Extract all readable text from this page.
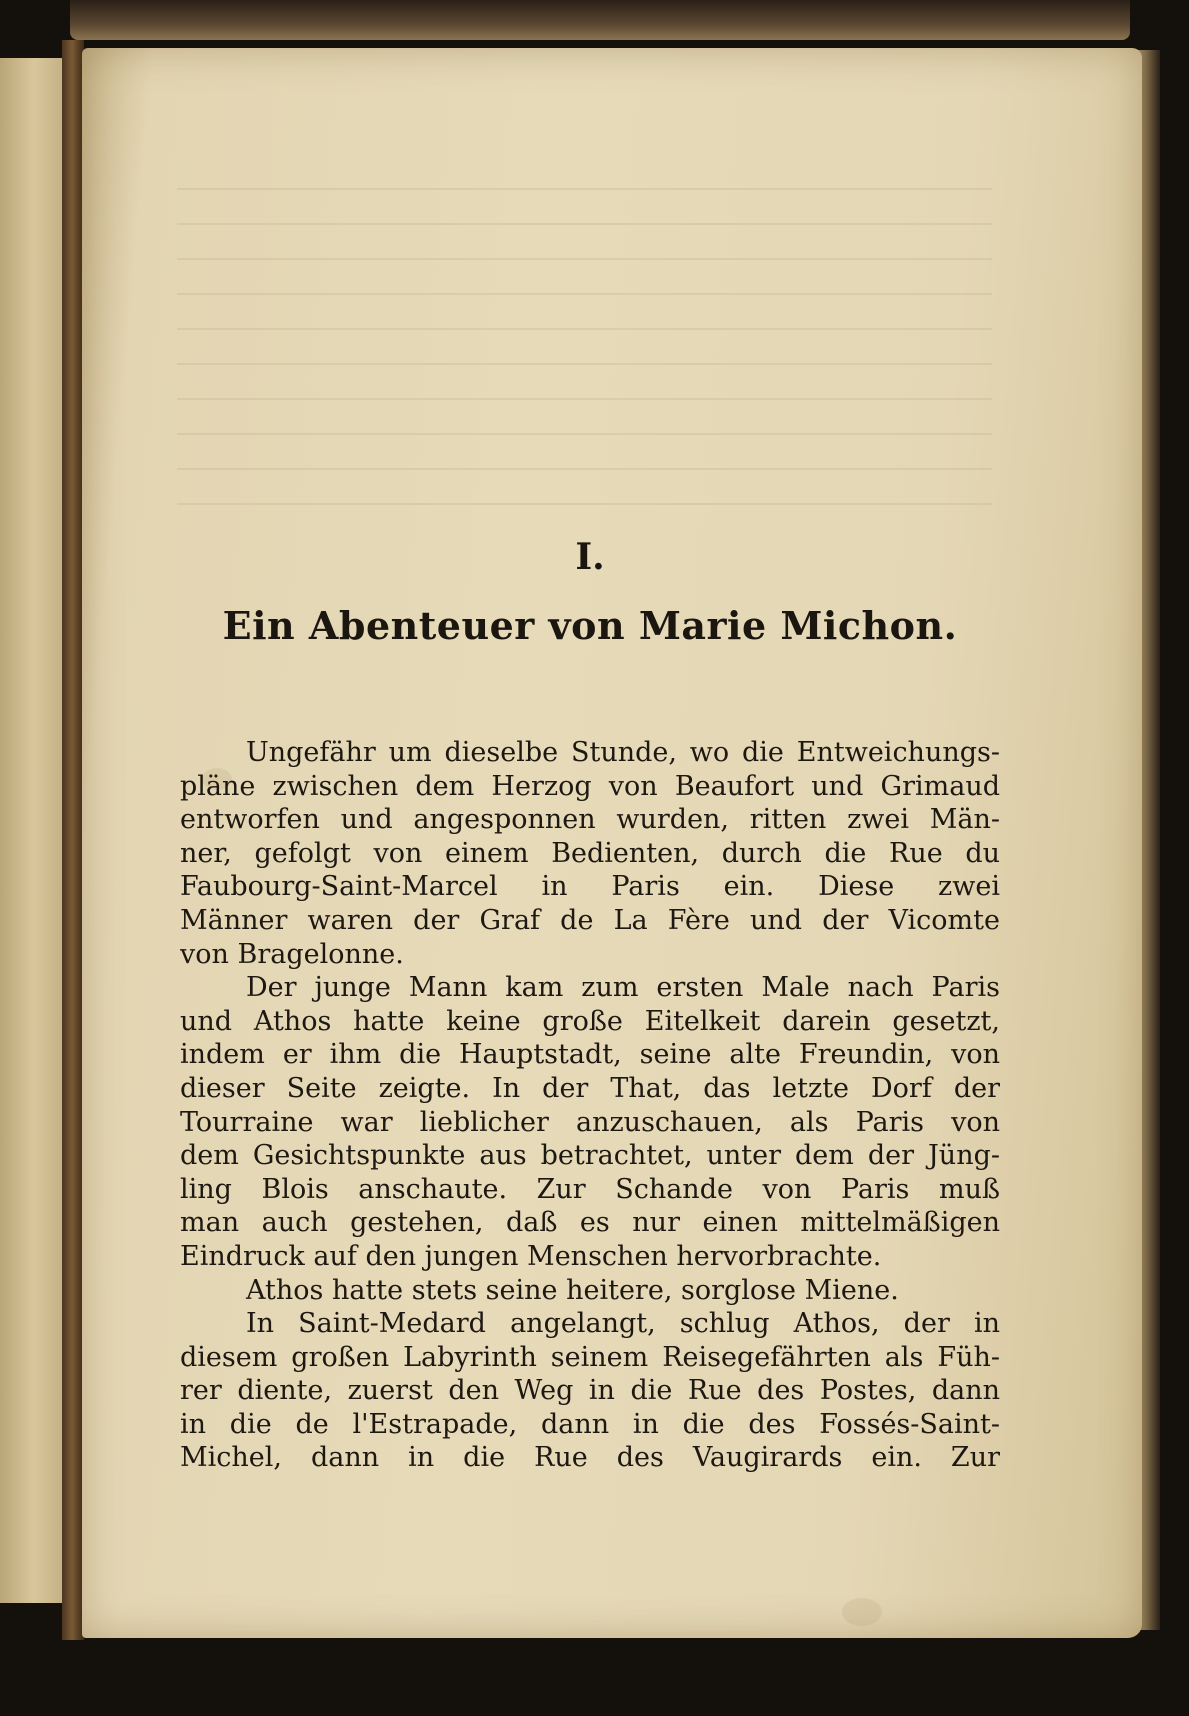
I.
Ein Abenteuer von Marie Michon.
Ungefähr um dieselbe Stunde, wo die Entweichungs-
pläne zwischen dem Herzog von Beaufort und Grimaud
entworfen und angesponnen wurden, ritten zwei Män-
ner, gefolgt von einem Bedienten, durch die Rue du
Faubourg-Saint-Marcel in Paris ein. Diese zwei
Männer waren der Graf de La Fère und der Vicomte
von Bragelonne.
Der junge Mann kam zum ersten Male nach Paris
und Athos hatte keine große Eitelkeit darein gesetzt,
indem er ihm die Hauptstadt, seine alte Freundin, von
dieser Seite zeigte. In der That, das letzte Dorf der
Tourraine war lieblicher anzuschauen, als Paris von
dem Gesichtspunkte aus betrachtet, unter dem der Jüng-
ling Blois anschaute. Zur Schande von Paris muß
man auch gestehen, daß es nur einen mittelmäßigen
Eindruck auf den jungen Menschen hervorbrachte.
Athos hatte stets seine heitere, sorglose Miene.
In Saint-Medard angelangt, schlug Athos, der in
diesem großen Labyrinth seinem Reisegefährten als Füh-
rer diente, zuerst den Weg in die Rue des Postes, dann
in die de l'Estrapade, dann in die des Fossés-Saint-
Michel, dann in die Rue des Vaugirards ein. Zur
